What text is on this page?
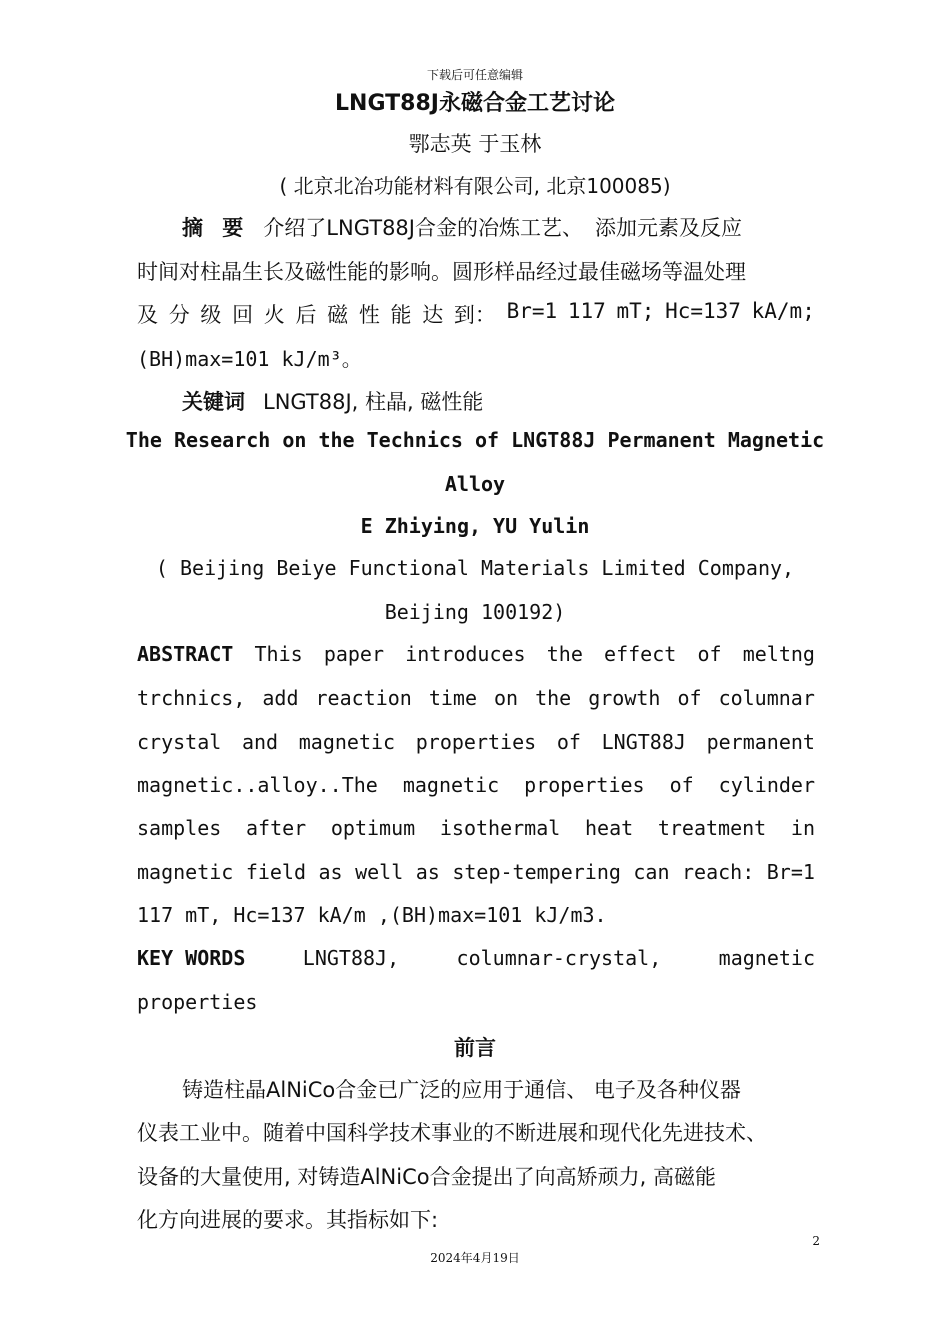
下载后可任意编辑
LNGT88J永磁合金工艺讨论
鄂志英 于玉林
( 北京北冶功能材料有限公司, 北京100085)
摘 要 介绍了LNGT88J合金的冶炼工艺、 添加元素及反应
时间对柱晶生长及磁性能的影响。圆形样品经过最佳磁场等温处理
及 分 级 回 火 后 磁 性 能 达 到： Br=1 117 mT; Hc=137 kA/m;
(BH)max=101 kJ/m³。
关键词 LNGT88J, 柱晶, 磁性能
The Research on the Technics of LNGT88J Permanent Magnetic
Alloy
E Zhiying, YU Yulin
( Beijing Beiye Functional Materials Limited Company,
Beijing 100192)
ABSTRACT This paper introduces the effect of meltng
trchnics, add reaction time on the growth of columnar
crystal and magnetic properties of LNGT88J permanent
magnetic..alloy..The magnetic properties of cylinder
samples after optimum isothermal heat treatment in
magnetic field as well as step-tempering can reach: Br=1
117 mT, Hc=137 kA/m ,(BH)max=101 kJ/m3.
KEY WORDS	LNGT88J,	columnar-crystal,	magnetic
properties
前言
铸造柱晶AlNiCo合金已广泛的应用于通信、 电子及各种仪器
仪表工业中。随着中国科学技术事业的不断进展和现代化先进技术、
设备的大量使用, 对铸造AlNiCo合金提出了向高矫顽力, 高磁能
化方向进展的要求。其指标如下:
2
2024年4月19日
